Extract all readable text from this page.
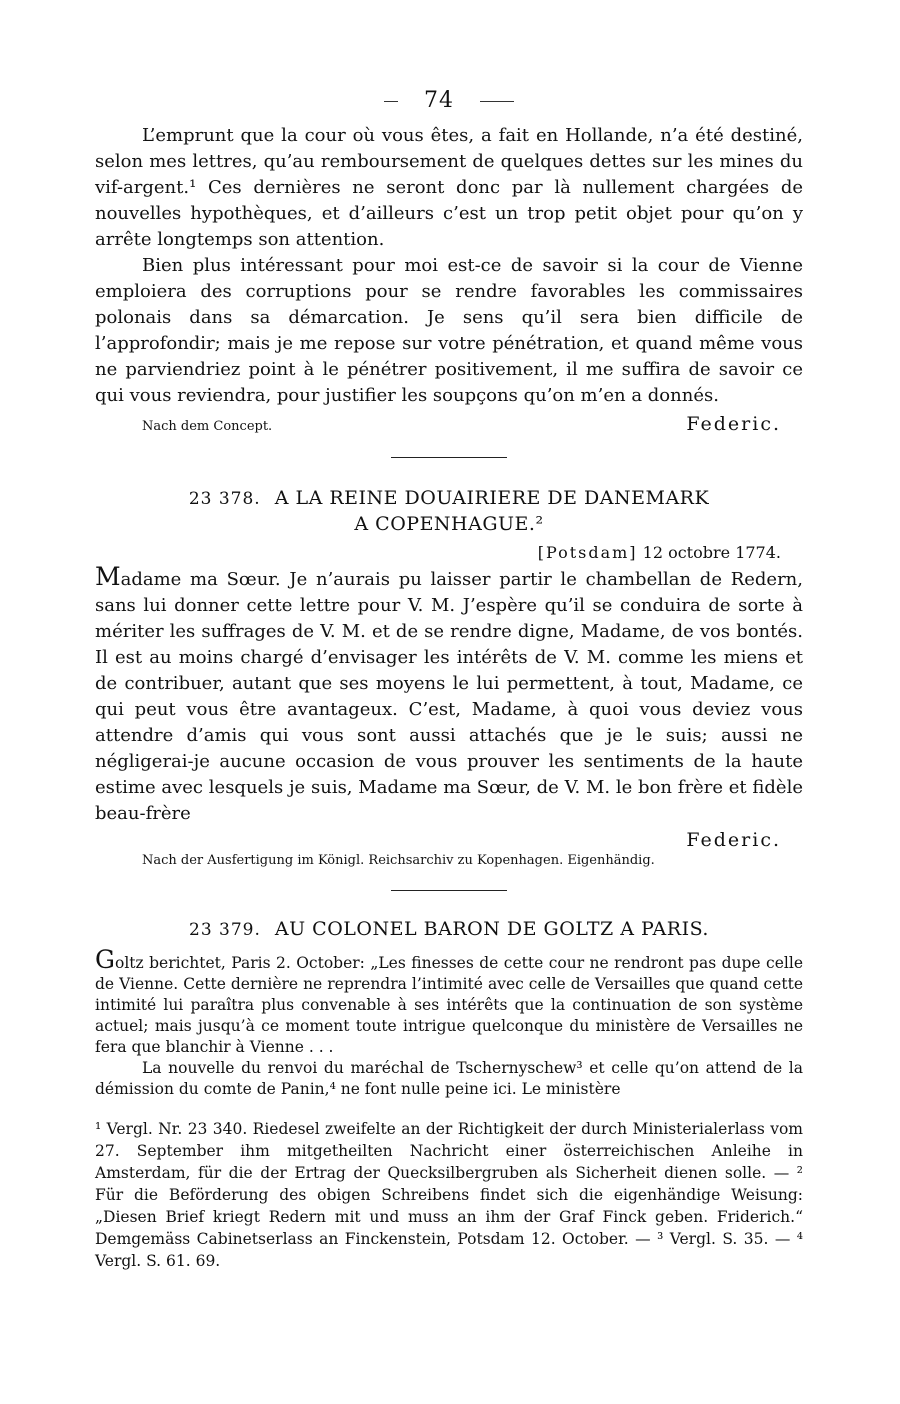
74

L’emprunt que la cour où vous êtes, a fait en Hollande, n’a été destiné, selon mes lettres, qu’au remboursement de quelques dettes sur les mines du vif-argent.¹ Ces dernières ne seront donc par là nullement chargées de nouvelles hypothèques, et d’ailleurs c’est un trop petit objet pour qu’on y arrête longtemps son attention.

Bien plus intéressant pour moi est-ce de savoir si la cour de Vienne emploiera des corruptions pour se rendre favorables les commissaires polonais dans sa démarcation. Je sens qu’il sera bien difficile de l’approfondir; mais je me repose sur votre pénétration, et quand même vous ne parviendriez point à le pénétrer positivement, il me suffira de savoir ce qui vous reviendra, pour justifier les soupçons qu’on m’en a donnés.

Nach dem Concept.	Federic.
23 378. A LA REINE DOUAIRIERE DE DANEMARK
A COPENHAGUE.²
[Potsdam] 12 octobre 1774.

Madame ma Sœur. Je n’aurais pu laisser partir le chambellan de Redern, sans lui donner cette lettre pour V. M. J’espère qu’il se conduira de sorte à mériter les suffrages de V. M. et de se rendre digne, Madame, de vos bontés. Il est au moins chargé d’envisager les intérêts de V. M. comme les miens et de contribuer, autant que ses moyens le lui permettent, à tout, Madame, ce qui peut vous être avantageux. C’est, Madame, à quoi vous deviez vous attendre d’amis qui vous sont aussi attachés que je le suis; aussi ne négligerai-je aucune occasion de vous prouver les sentiments de la haute estime avec lesquels je suis, Madame ma Sœur, de V. M. le bon frère et fidèle beau-frère

Federic.
Nach der Ausfertigung im Königl. Reichsarchiv zu Kopenhagen. Eigenhändig.
23 379. AU COLONEL BARON DE GOLTZ A PARIS.

Goltz berichtet, Paris 2. October: „Les finesses de cette cour ne rendront pas dupe celle de Vienne. Cette dernière ne reprendra l’intimité avec celle de Versailles que quand cette intimité lui paraîtra plus convenable à ses intérêts que la continuation de son système actuel; mais jusqu’à ce moment toute intrigue quelconque du ministère de Versailles ne fera que blanchir à Vienne . . .

La nouvelle du renvoi du maréchal de Tschernyschew³ et celle qu’on attend de la démission du comte de Panin,⁴ ne font nulle peine ici. Le ministère

¹ Vergl. Nr. 23 340. Riedesel zweifelte an der Richtigkeit der durch Ministerialerlass vom 27. September ihm mitgetheilten Nachricht einer österreichischen Anleihe in Amsterdam, für die der Ertrag der Quecksilbergruben als Sicherheit dienen solle. — ² Für die Beförderung des obigen Schreibens findet sich die eigenhändige Weisung: „Diesen Brief kriegt Redern mit und muss an ihm der Graf Finck geben. Friderich.“ Demgemäss Cabinetserlass an Finckenstein, Potsdam 12. October. — ³ Vergl. S. 35. — ⁴ Vergl. S. 61. 69.
